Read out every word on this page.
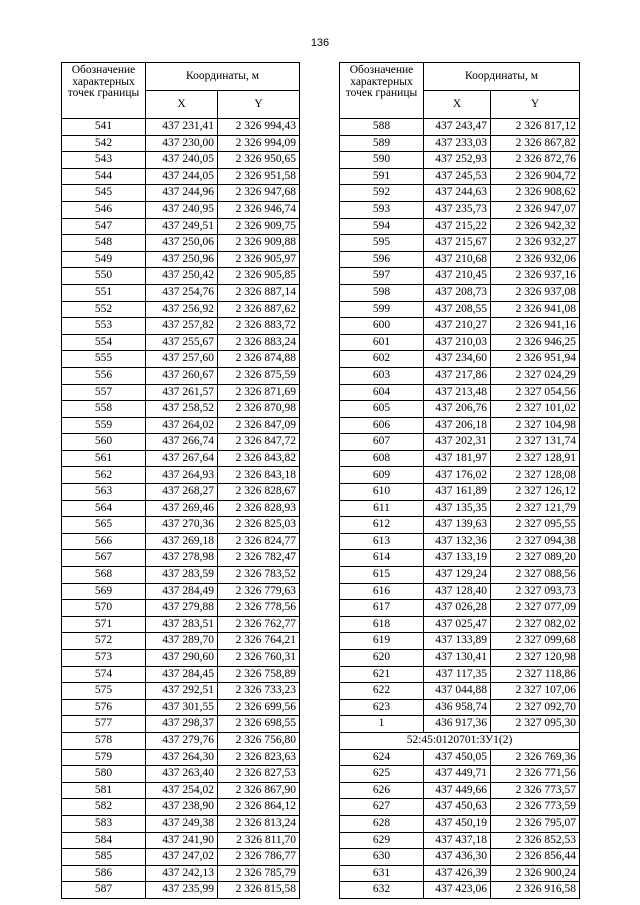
136
Обозначение характерных точек границы	Координаты, м	
	X	Y
541	437 231,41	2 326 994,43
542	437 230,00	2 326 994,09
543	437 240,05	2 326 950,65
544	437 244,05	2 326 951,58
545	437 244,96	2 326 947,68
546	437 240,95	2 326 946,74
547	437 249,51	2 326 909,75
548	437 250,06	2 326 909,88
549	437 250,96	2 326 905,97
550	437 250,42	2 326 905,85
551	437 254,76	2 326 887,14
552	437 256,92	2 326 887,62
553	437 257,82	2 326 883,72
554	437 255,67	2 326 883,24
555	437 257,60	2 326 874,88
556	437 260,67	2 326 875,59
557	437 261,57	2 326 871,69
558	437 258,52	2 326 870,98
559	437 264,02	2 326 847,09
560	437 266,74	2 326 847,72
561	437 267,64	2 326 843,82
562	437 264,93	2 326 843,18
563	437 268,27	2 326 828,67
564	437 269,46	2 326 828,93
565	437 270,36	2 326 825,03
566	437 269,18	2 326 824,77
567	437 278,98	2 326 782,47
568	437 283,59	2 326 783,52
569	437 284,49	2 326 779,63
570	437 279,88	2 326 778,56
571	437 283,51	2 326 762,77
572	437 289,70	2 326 764,21
573	437 290,60	2 326 760,31
574	437 284,45	2 326 758,89
575	437 292,51	2 326 733,23
576	437 301,55	2 326 699,56
577	437 298,37	2 326 698,55
578	437 279,76	2 326 756,80
579	437 264,30	2 326 823,63
580	437 263,40	2 326 827,53
581	437 254,02	2 326 867,90
582	437 238,90	2 326 864,12
583	437 249,38	2 326 813,24
584	437 241,90	2 326 811,70
585	437 247,02	2 326 786,77
586	437 242,13	2 326 785,79
587	437 235,99	2 326 815,58
Обозначение характерных точек границы	Координаты, м	
	X	Y
588	437 243,47	2 326 817,12
589	437 233,03	2 326 867,82
590	437 252,93	2 326 872,76
591	437 245,53	2 326 904,72
592	437 244,63	2 326 908,62
593	437 235,73	2 326 947,07
594	437 215,22	2 326 942,32
595	437 215,67	2 326 932,27
596	437 210,68	2 326 932,06
597	437 210,45	2 326 937,16
598	437 208,73	2 326 937,08
599	437 208,55	2 326 941,08
600	437 210,27	2 326 941,16
601	437 210,03	2 326 946,25
602	437 234,60	2 326 951,94
603	437 217,86	2 327 024,29
604	437 213,48	2 327 054,56
605	437 206,76	2 327 101,02
606	437 206,18	2 327 104,98
607	437 202,31	2 327 131,74
608	437 181,97	2 327 128,91
609	437 176,02	2 327 128,08
610	437 161,89	2 327 126,12
611	437 135,35	2 327 121,79
612	437 139,63	2 327 095,55
613	437 132,36	2 327 094,38
614	437 133,19	2 327 089,20
615	437 129,24	2 327 088,56
616	437 128,40	2 327 093,73
617	437 026,28	2 327 077,09
618	437 025,47	2 327 082,02
619	437 133,89	2 327 099,68
620	437 130,41	2 327 120,98
621	437 117,35	2 327 118,86
622	437 044,88	2 327 107,06
623	436 958,74	2 327 092,70
1	436 917,36	2 327 095,30
52:45:0120701:ЗУ1(2)		
624	437 450,05	2 326 769,36
625	437 449,71	2 326 771,56
626	437 449,66	2 326 773,57
627	437 450,63	2 326 773,59
628	437 450,19	2 326 795,07
629	437 437,18	2 326 852,53
630	437 436,30	2 326 856,44
631	437 426,39	2 326 900,24
632	437 423,06	2 326 916,58
